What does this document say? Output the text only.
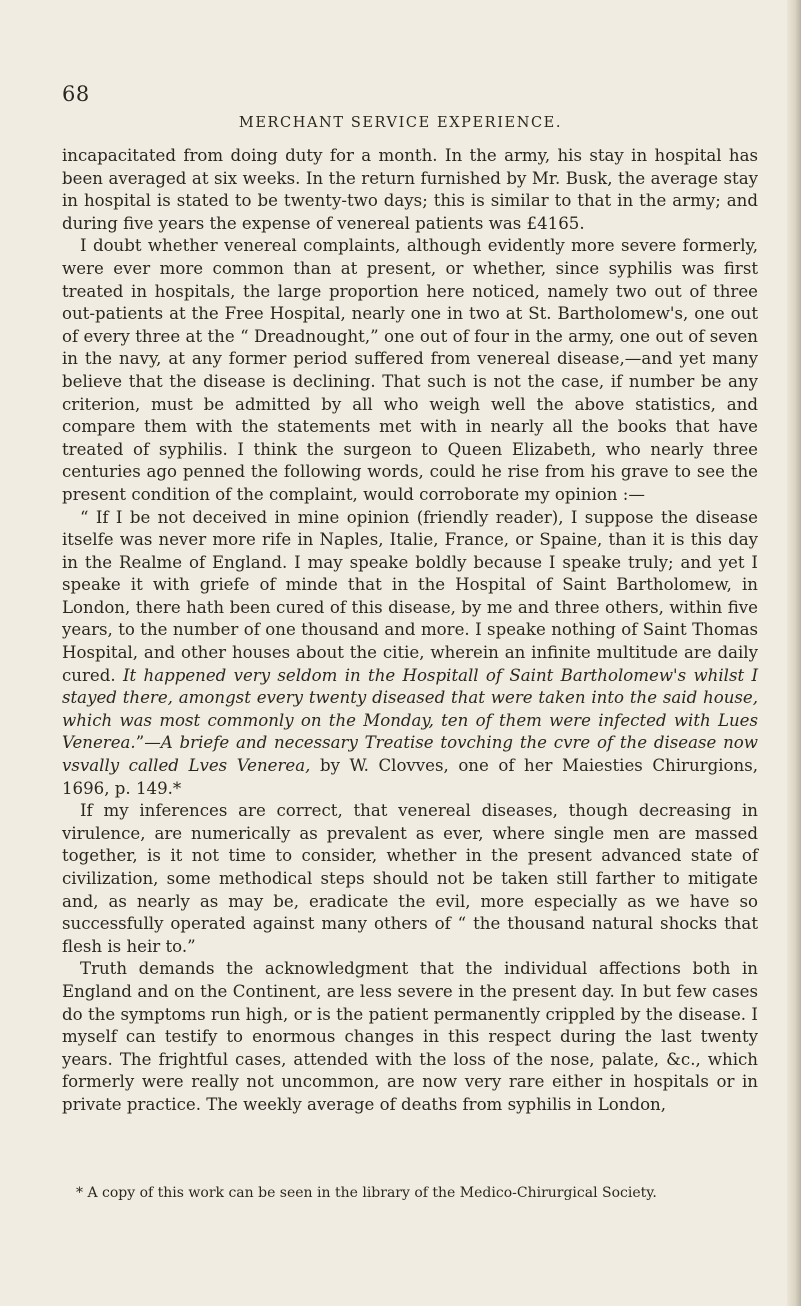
68
MERCHANT SERVICE EXPERIENCE.

incapacitated from doing duty for a month. In the army, his stay in hospital has been averaged at six weeks. In the return furnished by Mr. Busk, the average stay in hospital is stated to be twenty-two days; this is similar to that in the army; and during five years the expense of venereal patients was £4165.

I doubt whether venereal complaints, although evidently more severe formerly, were ever more common than at present, or whether, since syphilis was first treated in hospitals, the large proportion here noticed, namely two out of three out-patients at the Free Hospital, nearly one in two at St. Bartholomew's, one out of every three at the “ Dreadnought,” one out of four in the army, one out of seven in the navy, at any former period suffered from venereal disease,—and yet many believe that the disease is declining. That such is not the case, if number be any criterion, must be admitted by all who weigh well the above statistics, and compare them with the statements met with in nearly all the books that have treated of syphilis. I think the surgeon to Queen Elizabeth, who nearly three centuries ago penned the following words, could he rise from his grave to see the present condition of the complaint, would corroborate my opinion :—

“ If I be not deceived in mine opinion (friendly reader), I suppose the disease itselfe was never more rife in Naples, Italie, France, or Spaine, than it is this day in the Realme of England. I may speake boldly because I speake truly; and yet I speake it with griefe of minde that in the Hospital of Saint Bartholomew, in London, there hath been cured of this disease, by me and three others, within five years, to the number of one thousand and more. I speake nothing of Saint Thomas Hospital, and other houses about the citie, wherein an infinite multitude are daily cured. It happened very seldom in the Hospitall of Saint Bartholomew's whilst I stayed there, amongst every twenty diseased that were taken into the said house, which was most commonly on the Monday, ten of them were infected with Lues Venerea.”—A briefe and necessary Treatise tovching the cvre of the disease now vsvally called Lves Venerea, by W. Clovves, one of her Maiesties Chirurgions, 1696, p. 149.*

If my inferences are correct, that venereal diseases, though decreasing in virulence, are numerically as prevalent as ever, where single men are massed together, is it not time to consider, whether in the present advanced state of civilization, some methodical steps should not be taken still farther to mitigate and, as nearly as may be, eradicate the evil, more especially as we have so successfully operated against many others of “ the thousand natural shocks that flesh is heir to.”

Truth demands the acknowledgment that the individual affections both in England and on the Continent, are less severe in the present day. In but few cases do the symptoms run high, or is the patient permanently crippled by the disease. I myself can testify to enormous changes in this respect during the last twenty years. The frightful cases, attended with the loss of the nose, palate, &c., which formerly were really not uncommon, are now very rare either in hospitals or in private practice. The weekly average of deaths from syphilis in London,

* A copy of this work can be seen in the library of the Medico-Chirurgical Society.
